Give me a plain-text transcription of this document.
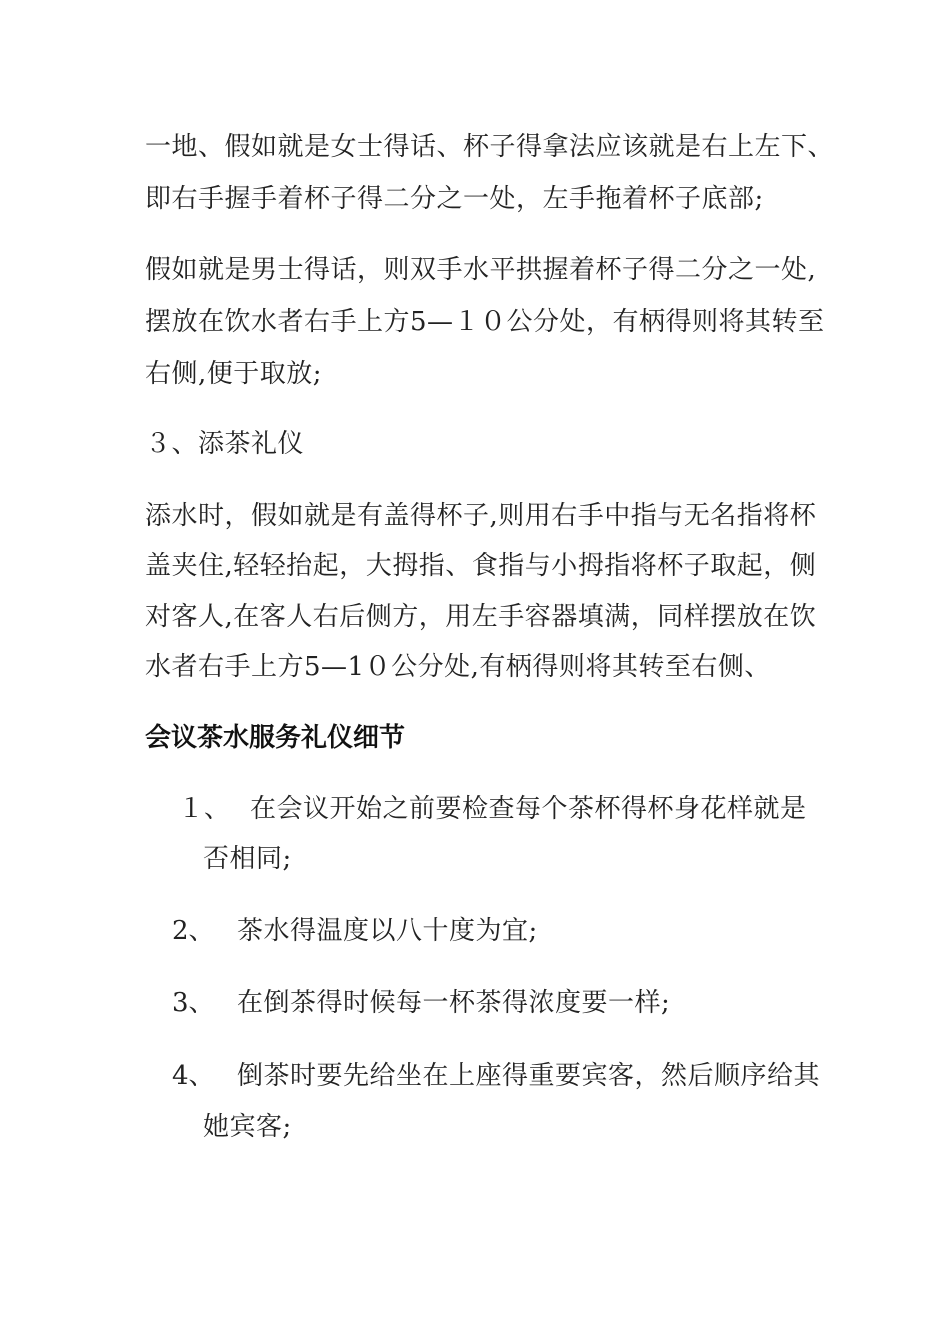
一地、假如就是女士得话、杯子得拿法应该就是右上左下、
即右手握手着杯子得二分之一处，左手拖着杯子底部;
假如就是男士得话，则双手水平拱握着杯子得二分之一处,
摆放在饮水者右手上方5—１０公分处，有柄得则将其转至
右侧,便于取放;
３、添茶礼仪
添水时，假如就是有盖得杯子,则用右手中指与无名指将杯
盖夹住,轻轻抬起，大拇指、食指与小拇指将杯子取起，侧
对客人,在客人右后侧方，用左手容器填满，同样摆放在饮
水者右手上方5—1０公分处,有柄得则将其转至右侧、
会议茶水服务礼仪细节
１、 在会议开始之前要检查每个茶杯得杯身花样就是
否相同;
2、 茶水得温度以八十度为宜;
3、 在倒茶得时候每一杯茶得浓度要一样;
4、 倒茶时要先给坐在上座得重要宾客，然后顺序给其
她宾客;
